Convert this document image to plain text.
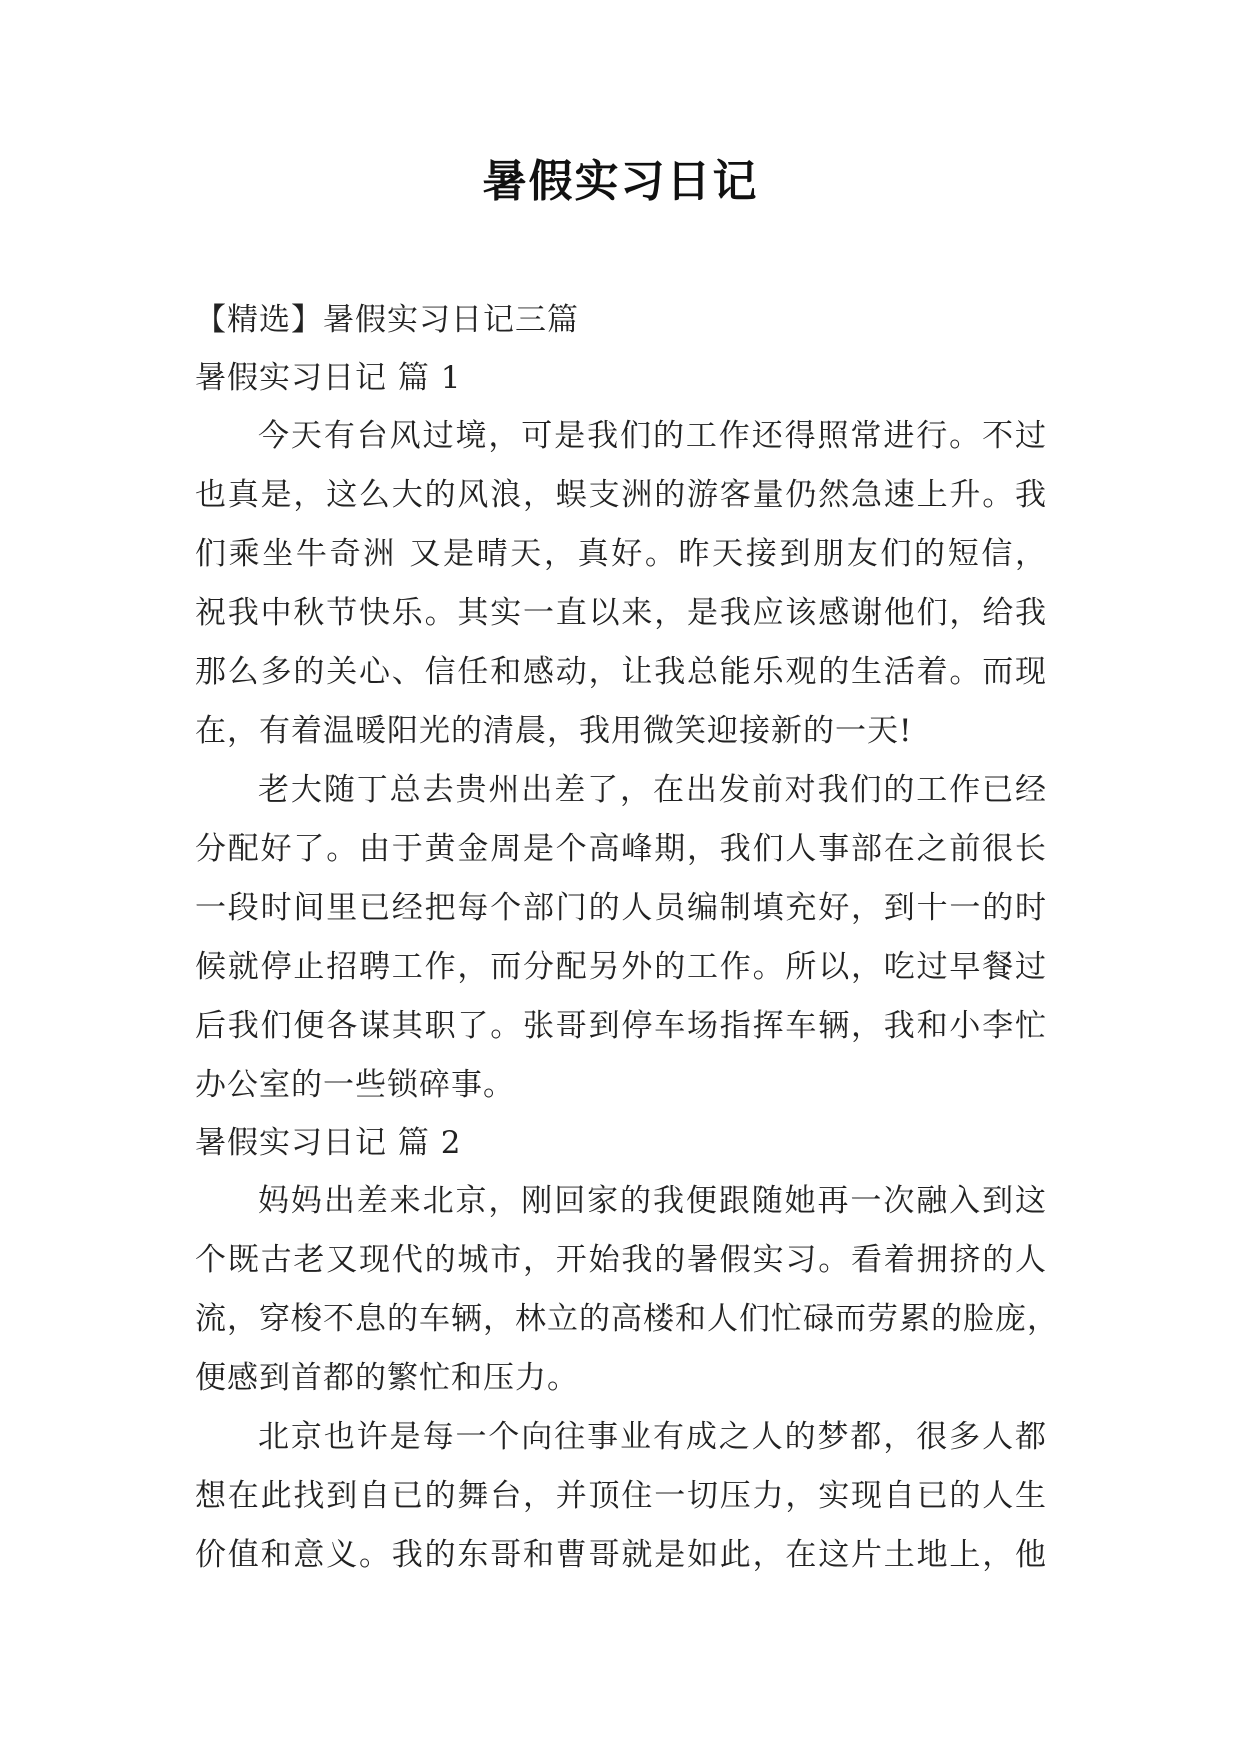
暑假实习日记

【精选】暑假实习日记三篇

暑假实习日记 篇 1

今天有台风过境，可是我们的工作还得照常进行。不过
也真是，这么大的风浪，蜈支洲的游客量仍然急速上升。我
们乘坐牛奇洲 又是晴天，真好。昨天接到朋友们的短信，
祝我中秋节快乐。其实一直以来，是我应该感谢他们，给我
那么多的关心、信任和感动，让我总能乐观的生活着。而现
在，有着温暖阳光的清晨，我用微笑迎接新的一天!

老大随丁总去贵州出差了，在出发前对我们的工作已经
分配好了。由于黄金周是个高峰期，我们人事部在之前很长
一段时间里已经把每个部门的人员编制填充好，到十一的时
候就停止招聘工作，而分配另外的工作。所以，吃过早餐过
后我们便各谋其职了。张哥到停车场指挥车辆，我和小李忙
办公室的一些锁碎事。

暑假实习日记 篇 2

妈妈出差来北京，刚回家的我便跟随她再一次融入到这
个既古老又现代的城市，开始我的暑假实习。看着拥挤的人
流，穿梭不息的车辆，林立的高楼和人们忙碌而劳累的脸庞，
便感到首都的繁忙和压力。

北京也许是每一个向往事业有成之人的梦都，很多人都
想在此找到自已的舞台，并顶住一切压力，实现自已的人生
价值和意义。我的东哥和曹哥就是如此，在这片土地上，他
